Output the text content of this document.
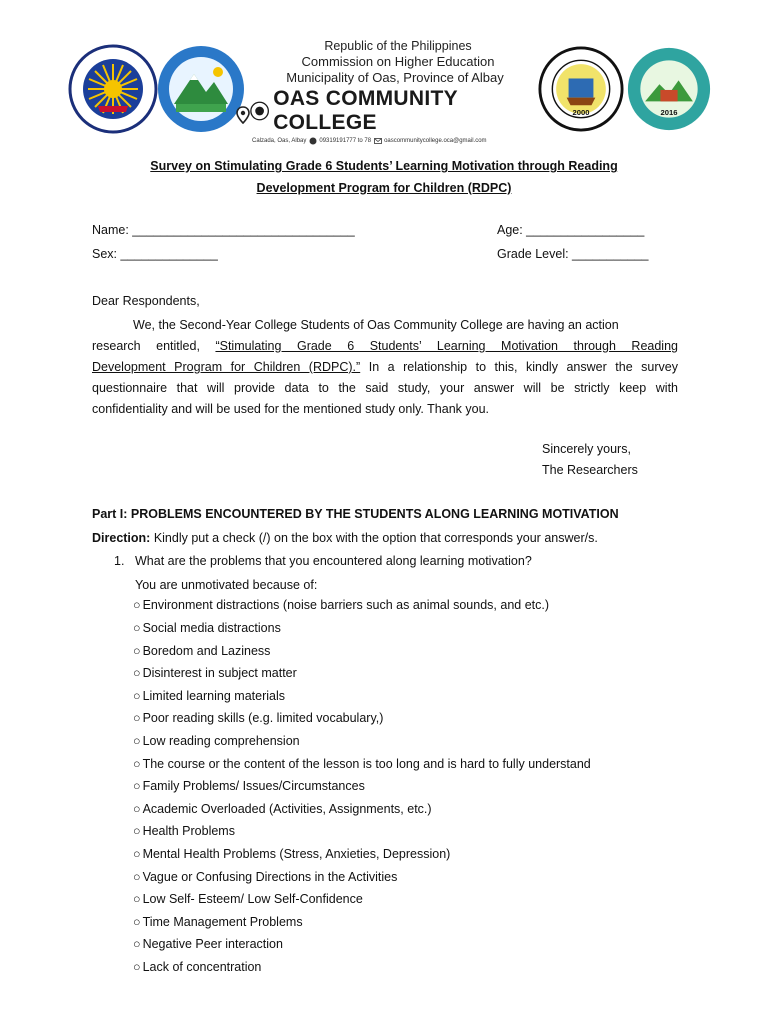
Republic of the Philippines
Commission on Higher Education
Municipality of Oas, Province of Albay
OAS COMMUNITY COLLEGE
Calzada, Oas, Albay 09319191777 to 78 oascommunitycollege.oca@gmail.com
2000	2016
Survey on Stimulating Grade 6 Students’ Learning Motivation through Reading
Development Program for Children (RDPC)
Name: ________________________________	Age: _________________
Sex: ______________	Grade Level: ___________
Dear Respondents,
We, the Second-Year College Students of Oas Community College are having an action
research entitled, “Stimulating Grade 6 Students’ Learning Motivation through Reading
Development Program for Children (RDPC).” In a relationship to this, kindly answer the survey
questionnaire that will provide data to the said study, your answer will be strictly keep with
confidentiality and will be used for the mentioned study only. Thank you.
Sincerely yours,
The Researchers
Part I: PROBLEMS ENCOUNTERED BY THE STUDENTS ALONG LEARNING MOTIVATION
Direction: Kindly put a check (/) on the box with the option that corresponds your answer/s.
1. What are the problems that you encountered along learning motivation?
You are unmotivated because of:
○ Environment distractions (noise barriers such as animal sounds, and etc.)
○ Social media distractions
○ Boredom and Laziness
○ Disinterest in subject matter
○ Limited learning materials
○ Poor reading skills (e.g. limited vocabulary,)
○ Low reading comprehension
○ The course or the content of the lesson is too long and is hard to fully understand
○ Family Problems/ Issues/Circumstances
○ Academic Overloaded (Activities, Assignments, etc.)
○ Health Problems
○ Mental Health Problems (Stress, Anxieties, Depression)
○ Vague or Confusing Directions in the Activities
○ Low Self- Esteem/ Low Self-Confidence
○ Time Management Problems
○ Negative Peer interaction
○ Lack of concentration
